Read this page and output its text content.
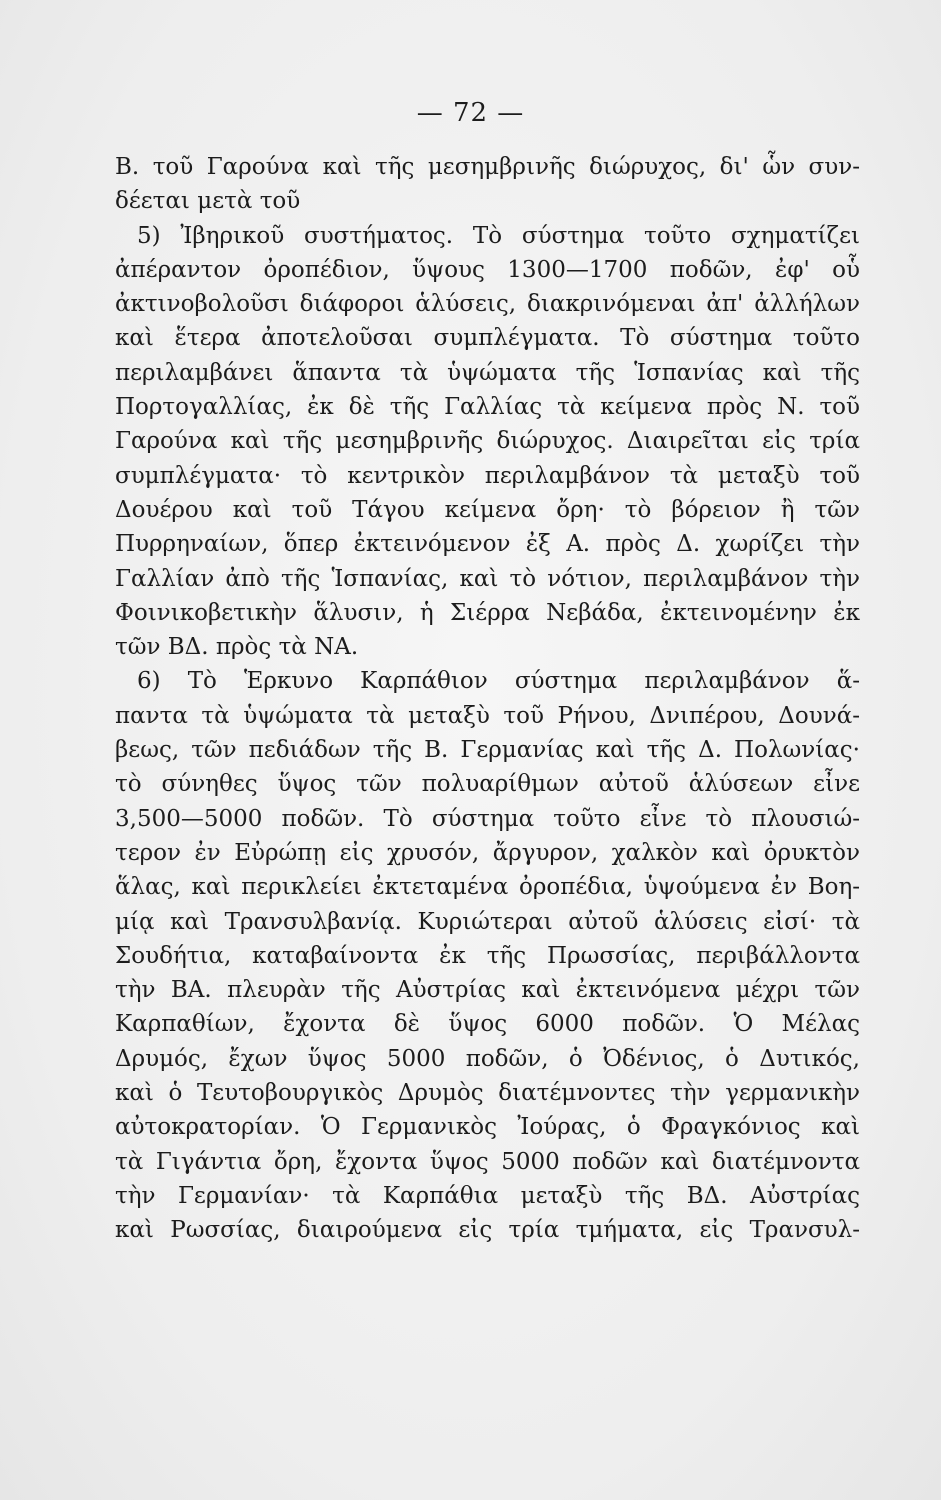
— 72 —
Β. τοῦ Γαρούνα καὶ τῆς μεσημβρινῆς διώρυχος, δι' ὧν συν-
δέεται μετὰ τοῦ
5) Ἰβηρικοῦ συστήματος. Τὸ σύστημα τοῦτο σχηματίζει
ἀπέραντον ὀροπέδιον, ὕψους 1300—1700 ποδῶν, ἐφ' οὗ
ἀκτινοβολοῦσι διάφοροι ἁλύσεις, διακρινόμεναι ἀπ' ἀλλήλων
καὶ ἕτερα ἀποτελοῦσαι συμπλέγματα. Τὸ σύστημα τοῦτο
περιλαμβάνει ἅπαντα τὰ ὑψώματα τῆς Ἱσπανίας καὶ τῆς
Πορτογαλλίας, ἐκ δὲ τῆς Γαλλίας τὰ κείμενα πρὸς Ν. τοῦ
Γαρούνα καὶ τῆς μεσημβρινῆς διώρυχος. Διαιρεῖται εἰς τρία
συμπλέγματα· τὸ κεντρικὸν περιλαμβάνον τὰ μεταξὺ τοῦ
Δουέρου καὶ τοῦ Τάγου κείμενα ὄρη· τὸ βόρειον ἢ τῶν
Πυρρηναίων, ὅπερ ἐκτεινόμενον ἐξ Α. πρὸς Δ. χωρίζει τὴν
Γαλλίαν ἀπὸ τῆς Ἱσπανίας, καὶ τὸ νότιον, περιλαμβάνον τὴν
Φοινικοβετικὴν ἅλυσιν, ἡ Σιέρρα Νεβάδα, ἐκτεινομένην ἐκ
τῶν ΒΔ. πρὸς τὰ ΝΑ.
6) Τὸ Ἑρκυνο Καρπάθιον σύστημα περιλαμβάνον ἅ-
παντα τὰ ὑψώματα τὰ μεταξὺ τοῦ Ρήνου, Δνιπέρου, Δουνά-
βεως, τῶν πεδιάδων τῆς Β. Γερμανίας καὶ τῆς Δ. Πολωνίας·
τὸ σύνηθες ὕψος τῶν πολυαρίθμων αὐτοῦ ἁλύσεων εἶνε
3,500—5000 ποδῶν. Τὸ σύστημα τοῦτο εἶνε τὸ πλουσιώ-
τερον ἐν Εὐρώπῃ εἰς χρυσόν, ἄργυρον, χαλκὸν καὶ ὀρυκτὸν
ἅλας, καὶ περικλείει ἐκτεταμένα ὀροπέδια, ὑψούμενα ἐν Βοη-
μίᾳ καὶ Τρανσυλβανίᾳ. Κυριώτεραι αὐτοῦ ἁλύσεις εἰσί· τὰ
Σουδήτια, καταβαίνοντα ἐκ τῆς Πρωσσίας, περιβάλλοντα
τὴν ΒΑ. πλευρὰν τῆς Αὐστρίας καὶ ἐκτεινόμενα μέχρι τῶν
Καρπαθίων, ἔχοντα δὲ ὕψος 6000 ποδῶν. Ὁ Μέλας
Δρυμός, ἔχων ὕψος 5000 ποδῶν, ὁ Ὀδένιος, ὁ Δυτικός,
καὶ ὁ Τευτοβουργικὸς Δρυμὸς διατέμνοντες τὴν γερμανικὴν
αὐτοκρατορίαν. Ὁ Γερμανικὸς Ἰούρας, ὁ Φραγκόνιος καὶ
τὰ Γιγάντια ὄρη, ἔχοντα ὕψος 5000 ποδῶν καὶ διατέμνοντα
τὴν Γερμανίαν· τὰ Καρπάθια μεταξὺ τῆς ΒΔ. Αὐστρίας
καὶ Ρωσσίας, διαιρούμενα εἰς τρία τμήματα, εἰς Τρανσυλ-
